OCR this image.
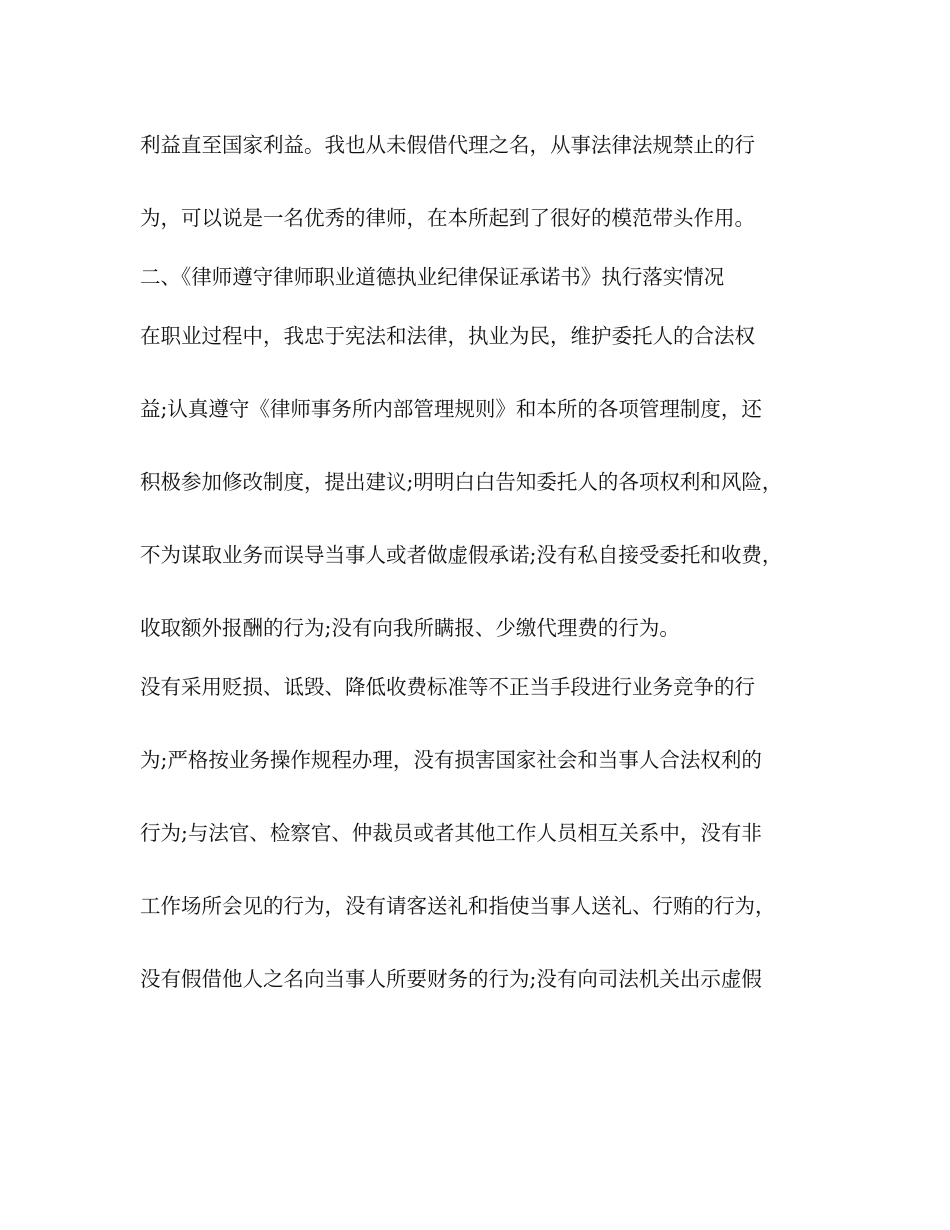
利益直至国家利益。我也从未假借代理之名，从事法律法规禁止的行
为，可以说是一名优秀的律师，在本所起到了很好的模范带头作用。
二、《律师遵守律师职业道德执业纪律保证承诺书》执行落实情况
在职业过程中，我忠于宪法和法律，执业为民，维护委托人的合法权
益;认真遵守《律师事务所内部管理规则》和本所的各项管理制度，还
积极参加修改制度，提出建议;明明白白告知委托人的各项权利和风险，
不为谋取业务而误导当事人或者做虚假承诺;没有私自接受委托和收费，
收取额外报酬的行为;没有向我所瞒报、少缴代理费的行为。
没有采用贬损、诋毁、降低收费标准等不正当手段进行业务竞争的行
为;严格按业务操作规程办理，没有损害国家社会和当事人合法权利的
行为;与法官、检察官、仲裁员或者其他工作人员相互关系中，没有非
工作场所会见的行为，没有请客送礼和指使当事人送礼、行贿的行为，
没有假借他人之名向当事人所要财务的行为;没有向司法机关出示虚假
